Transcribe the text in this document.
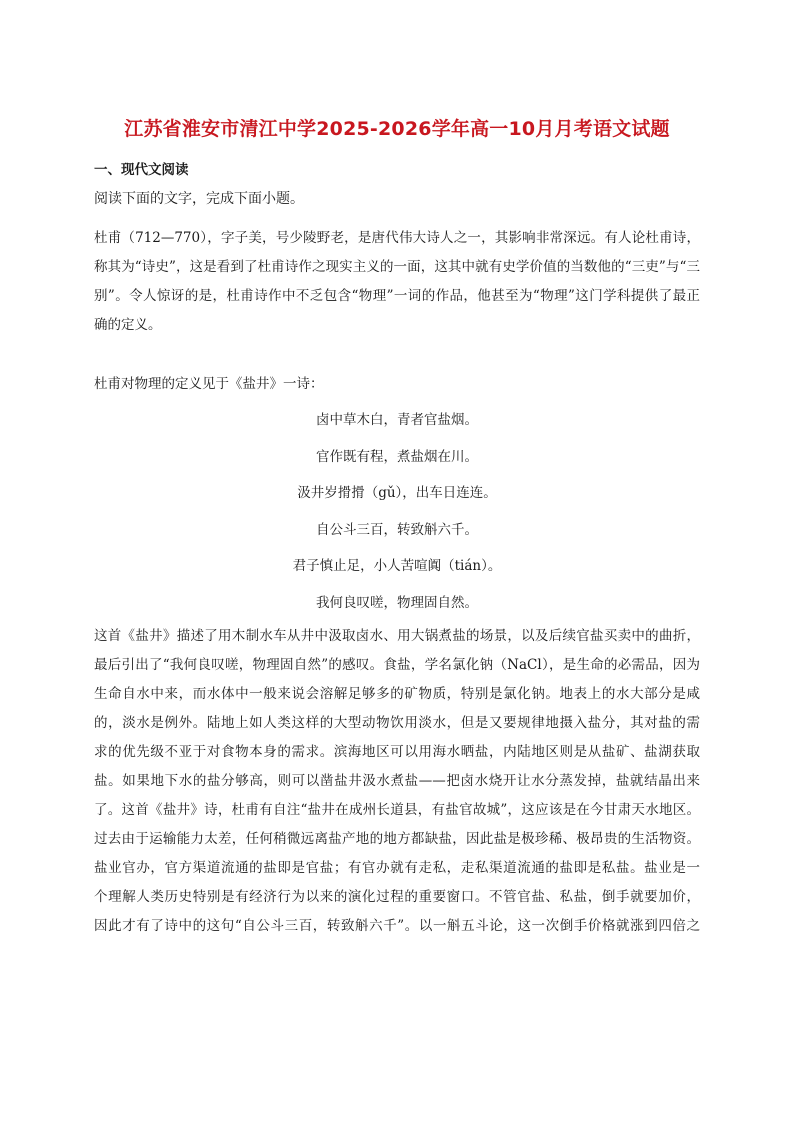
江苏省淮安市清江中学2025-2026学年高一10月月考语文试题
一、现代文阅读
阅读下面的文字，完成下面小题。
杜甫（712—770），字子美，号少陵野老，是唐代伟大诗人之一，其影响非常深远。有人论杜甫诗，
称其为“诗史”，这是看到了杜甫诗作之现实主义的一面，这其中就有史学价值的当数他的“三吏”与“三
别”。令人惊讶的是，杜甫诗作中不乏包含“物理”一词的作品，他甚至为“物理”这门学科提供了最正
确的定义。
杜甫对物理的定义见于《盐井》一诗：
卤中草木白，青者官盐烟。
官作既有程，煮盐烟在川。
汲井岁搰搰（gǔ），出车日连连。
自公斗三百，转致斛六千。
君子慎止足，小人苦喧阗（tián）。
我何良叹嗟，物理固自然。
这首《盐井》描述了用木制水车从井中汲取卤水、用大锅煮盐的场景，以及后续官盐买卖中的曲折，
最后引出了“我何良叹嗟，物理固自然”的感叹。食盐，学名氯化钠（NaCl），是生命的必需品，因为
生命自水中来，而水体中一般来说会溶解足够多的矿物质，特别是氯化钠。地表上的水大部分是咸
的，淡水是例外。陆地上如人类这样的大型动物饮用淡水，但是又要规律地摄入盐分，其对盐的需
求的优先级不亚于对食物本身的需求。滨海地区可以用海水晒盐，内陆地区则是从盐矿、盐湖获取
盐。如果地下水的盐分够高，则可以凿盐井汲水煮盐——把卤水烧开让水分蒸发掉，盐就结晶出来
了。这首《盐井》诗，杜甫有自注“盐井在成州长道县，有盐官故城”，这应该是在今甘肃天水地区。
过去由于运输能力太差，任何稍微远离盐产地的地方都缺盐，因此盐是极珍稀、极昂贵的生活物资。
盐业官办，官方渠道流通的盐即是官盐；有官办就有走私，走私渠道流通的盐即是私盐。盐业是一
个理解人类历史特别是有经济行为以来的演化过程的重要窗口。不管官盐、私盐，倒手就要加价，
因此才有了诗中的这句“自公斗三百，转致斛六千”。以一斛五斗论，这一次倒手价格就涨到四倍之
